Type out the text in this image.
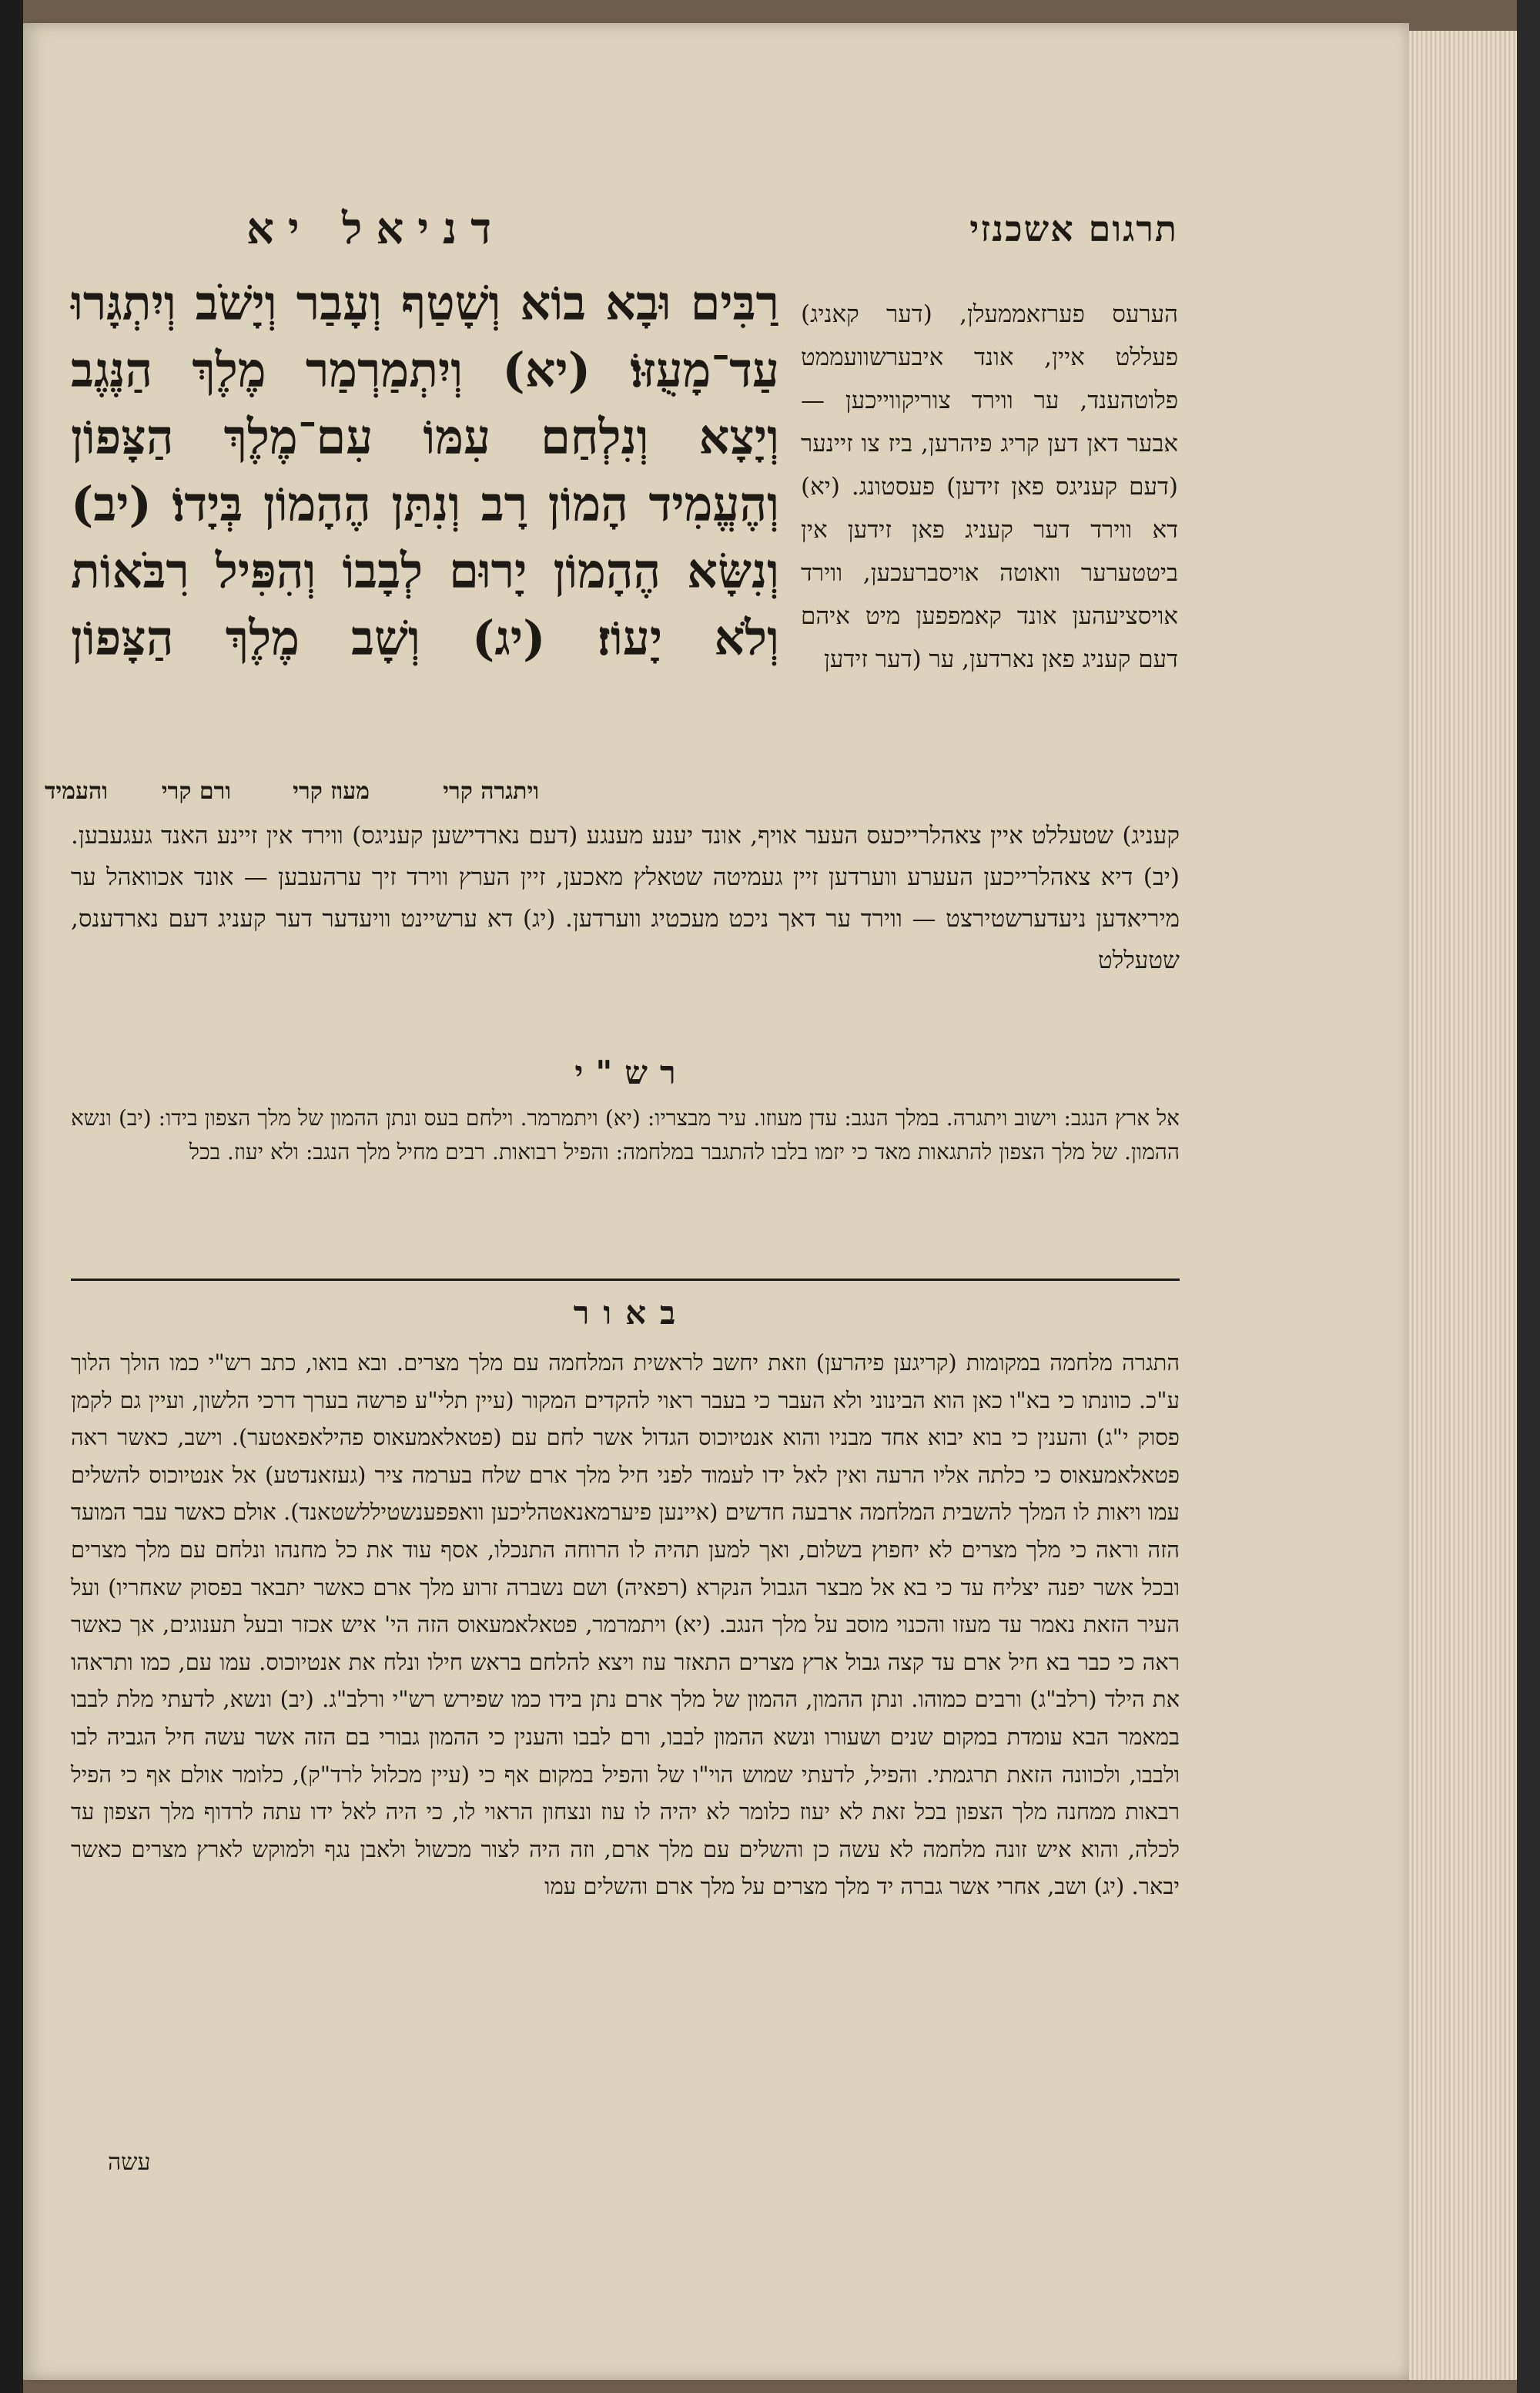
תרגום אשכנזי
דניאל יא
רַבִּים וּבָא בוֹא וְשָׁטַף וְעָבַר וְיָשֹׁב וְיִתְגָּרוּ עַד־מָעֻזּוֹ׃ (יא) וְיִתְמַרְמַר מֶלֶךְ הַנֶּגֶב וְיָצָא וְנִלְחַם עִמּוֹ עִם־מֶלֶךְ הַצָּפוֹן וְהֶעֱמִיד הָמוֹן רָב וְנִתַּן הֶהָמוֹן בְּיָדוֹ׃ (יב) וְנִשָּׂא הֶהָמוֹן יָרוּם לְבָבוֹ וְהִפִּיל רִבֹּאוֹת וְלֹא יָעוֹז׃ (יג) וְשָׁב מֶלֶךְ הַצָּפוֹן
ויתגרה קרי
מעוז קרי
ורם קרי
והעמיד
הערעס פערזאממעלן, (דער קאניג) פעללט איין, אונד איבערשוועממט פלוטהענד, ער ווירד צוריקווייכען — אבער דאן דען קריג פיהרען, ביז צו זיינער (דעם קעניגס פאן זידען) פעסטונג. (יא) דא ווירד דער קעניג פאן זידען אין ביטטערער וואוטה אויסברעכען, ווירד אויסציעהען אונד קאמפפען מיט איהם דעם קעניג פאן נארדען, ער (דער זידען
קעניג) שטעללט איין צאהלרייכעס העער אויף, אונד יענע מענגע (דעם נארדישען קעניגס) ווירד אין זיינע האנד געגעבען. (יב) דיא צאהלרייכען העערע ווערדען זיין געמיטה שטאלץ מאכען, זיין הערץ ווירד זיך ערהעבען — אונד אכוואהל ער מיריאדען ניעדערשטירצט — ווירד ער דאך ניכט מעכטיג ווערדען. (יג) דא ערשיינט וויעדער דער קעניג דעם נארדענס, שטעללט
רש"י
אל ארץ הנגב: וישוב ויתגרה. במלך הנגב: עדן מעוזו. עיר מבצריו: (יא) ויתמרמר. וילחם בעס ונתן ההמון של מלך הצפון בידו: (יב) ונשא ההמון. של מלך הצפון להתגאות מאד כי יזמו בלבו להתגבר במלחמה: והפיל רבואות. רבים מחיל מלך הנגב: ולא יעוז. בכל
באור
התגרה מלחמה במקומות (קריגען פיהרען) וזאת יחשב לראשית המלחמה עם מלך מצרים. ובא בואו, כתב רש"י כמו הולך הלוך ע"כ. כוונתו כי בא"ו כאן הוא הבינוני ולא העבר כי בעבר ראוי להקדים המקור (עיין תלי"ע פרשה בערך דרכי הלשון, ועיין גם לקמן פסוק י"ג) והענין כי בוא יבוא אחד מבניו והוא אנטיוכוס הגדול אשר לחם עם (פטאלאמעאוס פהילאפאטער). וישב, כאשר ראה פטאלאמעאוס כי כלתה אליו הרעה ואין לאל ידו לעמוד לפני חיל מלך ארם שלח בערמה ציר (געזאנדטע) אל אנטיוכוס להשלים עמו ויאות לו המלך להשבית המלחמה ארבעה חדשים (איינען פיערמאנאטהליכען וואפפענשטיללשטאנד). אולם כאשר עבר המועד הזה וראה כי מלך מצרים לא יחפוץ בשלום, ואך למען תהיה לו הרוחה התנכלו, אסף עוד את כל מחנהו ונלחם עם מלך מצרים ובכל אשר יפנה יצליח עד כי בא אל מבצר הגבול הנקרא (רפאיה) ושם נשברה זרוע מלך ארם כאשר יתבאר בפסוק שאחריו) ועל העיר הזאת נאמר עד מעזו והכנוי מוסב על מלך הנגב. (יא) ויתמרמר, פטאלאמעאוס הזה הי' איש אכזר ובעל תענוגים, אך כאשר ראה כי כבר בא חיל ארם עד קצה גבול ארץ מצרים התאזר עוז ויצא להלחם בראש חילו ונלח את אנטיוכוס. עמו עם, כמו ותראהו את הילד (רלב"ג) ורבים כמוהו. ונתן ההמון, ההמון של מלך ארם נתן בידו כמו שפירש רש"י ורלב"ג. (יב) ונשא, לדעתי מלת לבבו במאמר הבא עומדת במקום שנים ושעורו ונשא ההמון לבבו, ורם לבבו והענין כי ההמון גבורי בם הזה אשר עשה חיל הגביה לבו ולבבו, ולכוונה הזאת תרגמתי. והפיל, לדעתי שמוש הוי"ו של והפיל במקום אף כי (עיין מכלול לרד"ק), כלומר אולם אף כי הפיל רבאות ממחנה מלך הצפון בכל זאת לא יעוז כלומר לא יהיה לו עוז ונצחון הראוי לו, כי היה לאל ידו עתה לרדוף מלך הצפון עד לכלה, והוא איש זונה מלחמה לא עשה כן והשלים עם מלך ארם, וזה היה לצור מכשול ולאבן נגף ולמוקש לארץ מצרים כאשר יבאר. (יג) ושב, אחרי אשר גברה יד מלך מצרים על מלך ארם והשלים עמו
עשה
